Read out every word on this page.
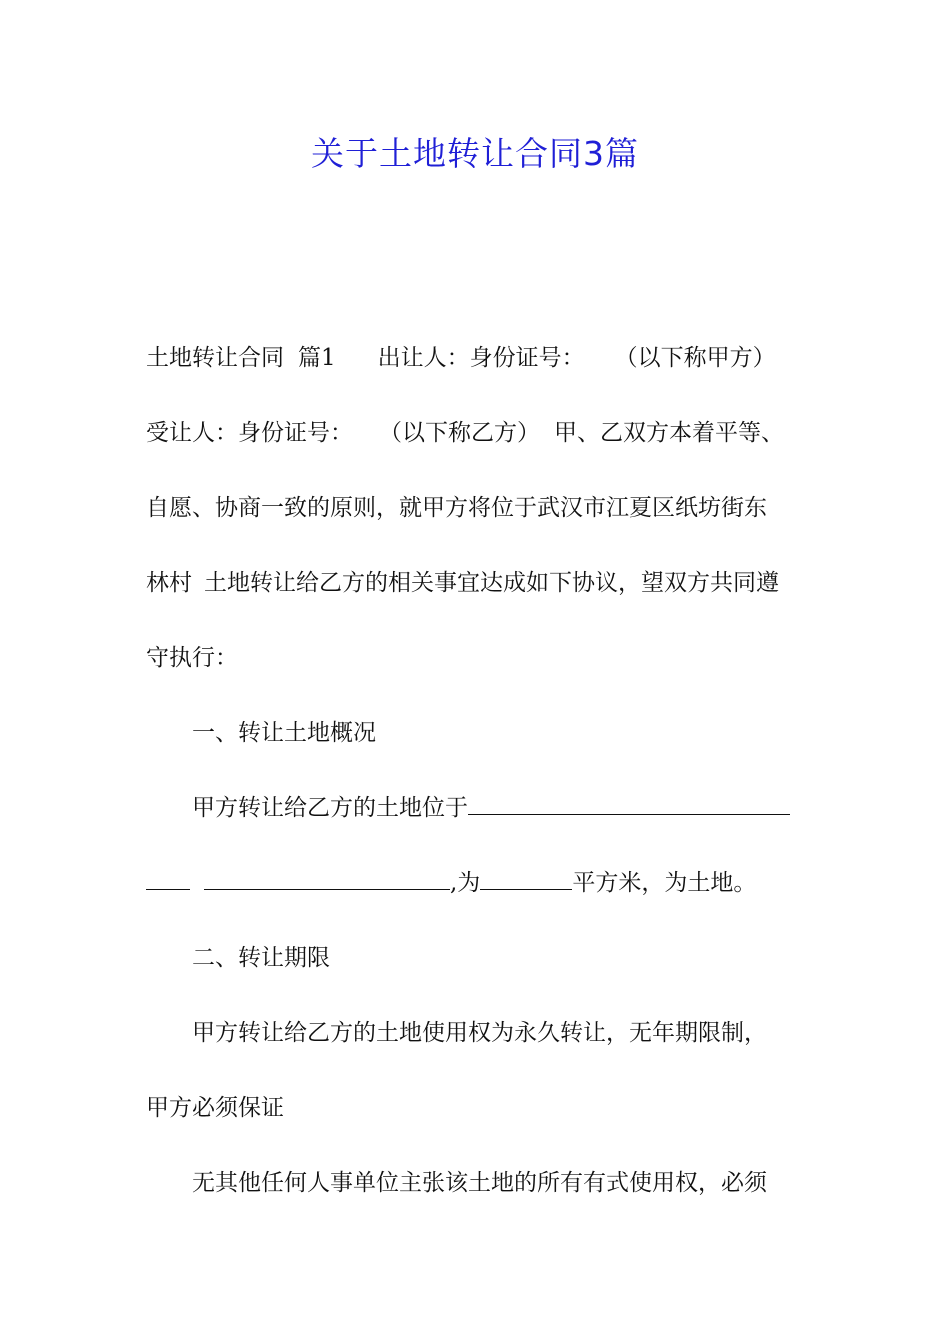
关于土地转让合同3篇
土地转让合同 篇1 出让人：身份证号： （以下称甲方）
受让人：身份证号： （以下称乙方） 甲、乙双方本着平等、
自愿、协商一致的原则，就甲方将位于武汉市江夏区纸坊街东
林村 土地转让给乙方的相关事宜达成如下协议，望双方共同遵
守执行：
一、转让土地概况
甲方转让给乙方的土地位于
,为	平方米，为土地。
二、转让期限
甲方转让给乙方的土地使用权为永久转让，无年期限制，
甲方必须保证
无其他任何人事单位主张该土地的所有有式使用权，必须
